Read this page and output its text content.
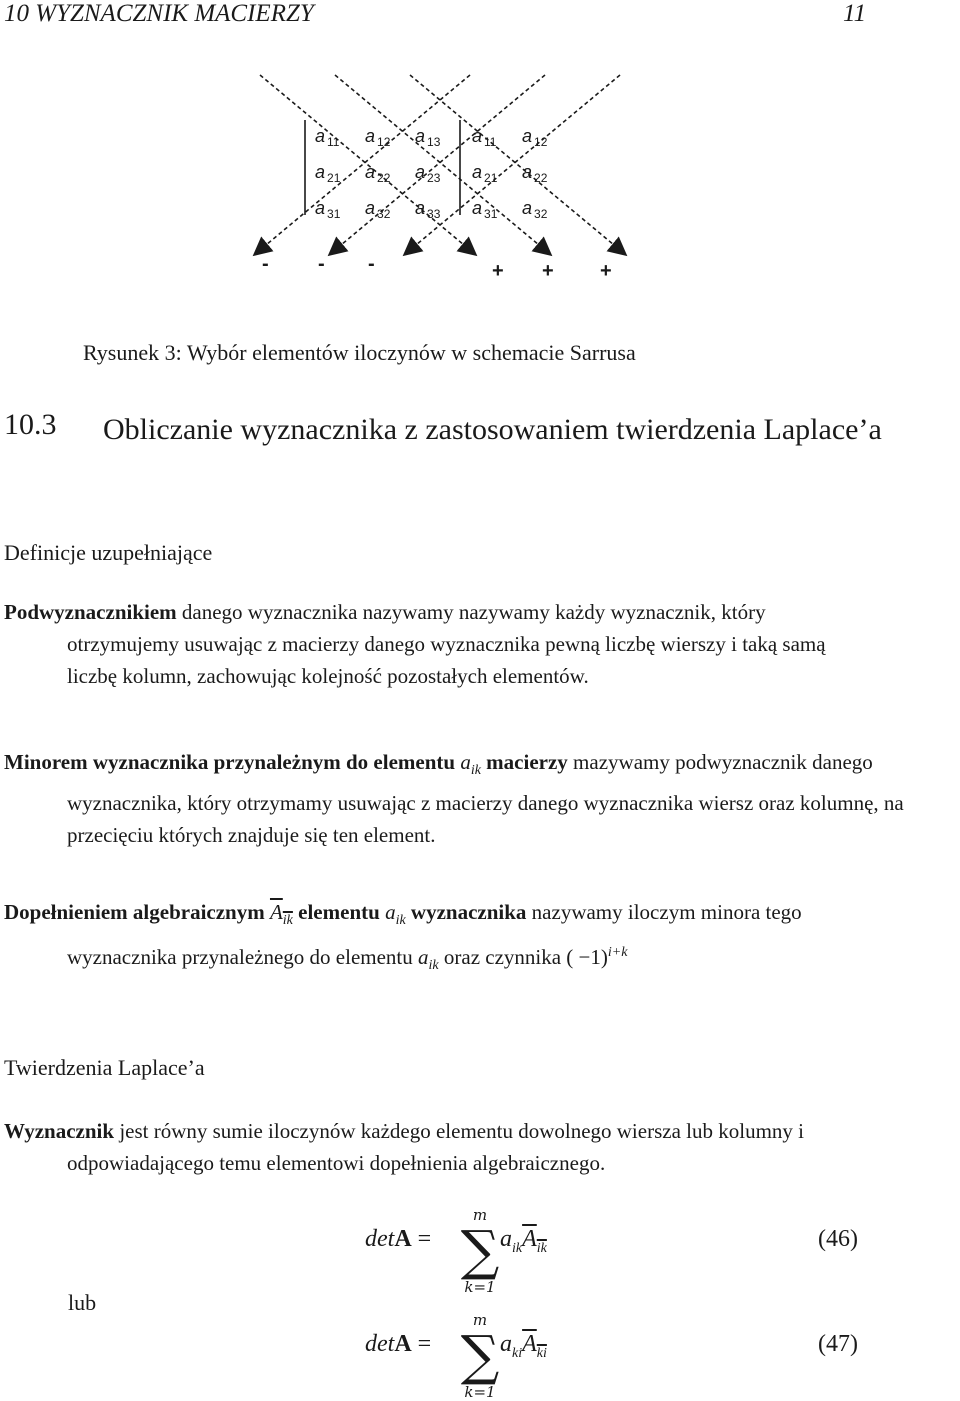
10 WYZNACZNIK MACIERZY	11
a $_{11}$ a $_{12}$ a $_{13}$ a $_{11}$ a $_{12}$
a $_{21}$ a $_{22}$ a $_{23}$ a $_{21}$ a $_{22}$
a $_{31}$ a $_{32}$ a $_{33}$ a $_{31}$ a $_{32}$
- - -	+ + +
Rysunek 3: Wybór elementów iloczynów w schemacie Sarrusa
10.3 Obliczanie wyznacznika z zastosowaniem twierdzenia Laplace’a
Definicje uzupełniające
Podwyznacznikiem danego wyznacznika nazywamy nazywamy każdy wyznacznik, który otrzymujemy usuwając z macierzy danego wyznacznika pewną liczbę wierszy i taką samą liczbę kolumn, zachowując kolejność pozostałych elementów.
Minorem wyznacznika przynależnym do elementu $a_{ik}$ macierzy mazywamy podwyznacznik danego wyznacznika, który otrzymamy usuwając z macierzy danego wyznacznika wiersz oraz kolumnę, na przecięciu których znajduje się ten element.
Dopełnieniem algebraicznym $A_{ik}$ elementu $a_{ik}$ wyznacznika nazywamy iloczym minora tego wyznacznika przynależnego do elementu $a_{ik}$ oraz czynnika ( −1)$^{i+k}$
Twierdzenia Laplace’a
Wyznacznik jest równy sumie iloczynów każdego elementu dowolnego wiersza lub kolumny i odpowiadającego temu elementowi dopełnienia algebraicznego.
detA =
m
∑
k=1
$a_{ik}A_{ik}$	(46)
lub
detA =
m
∑
k=1
$a_{ki}A_{ki}$	(47)
